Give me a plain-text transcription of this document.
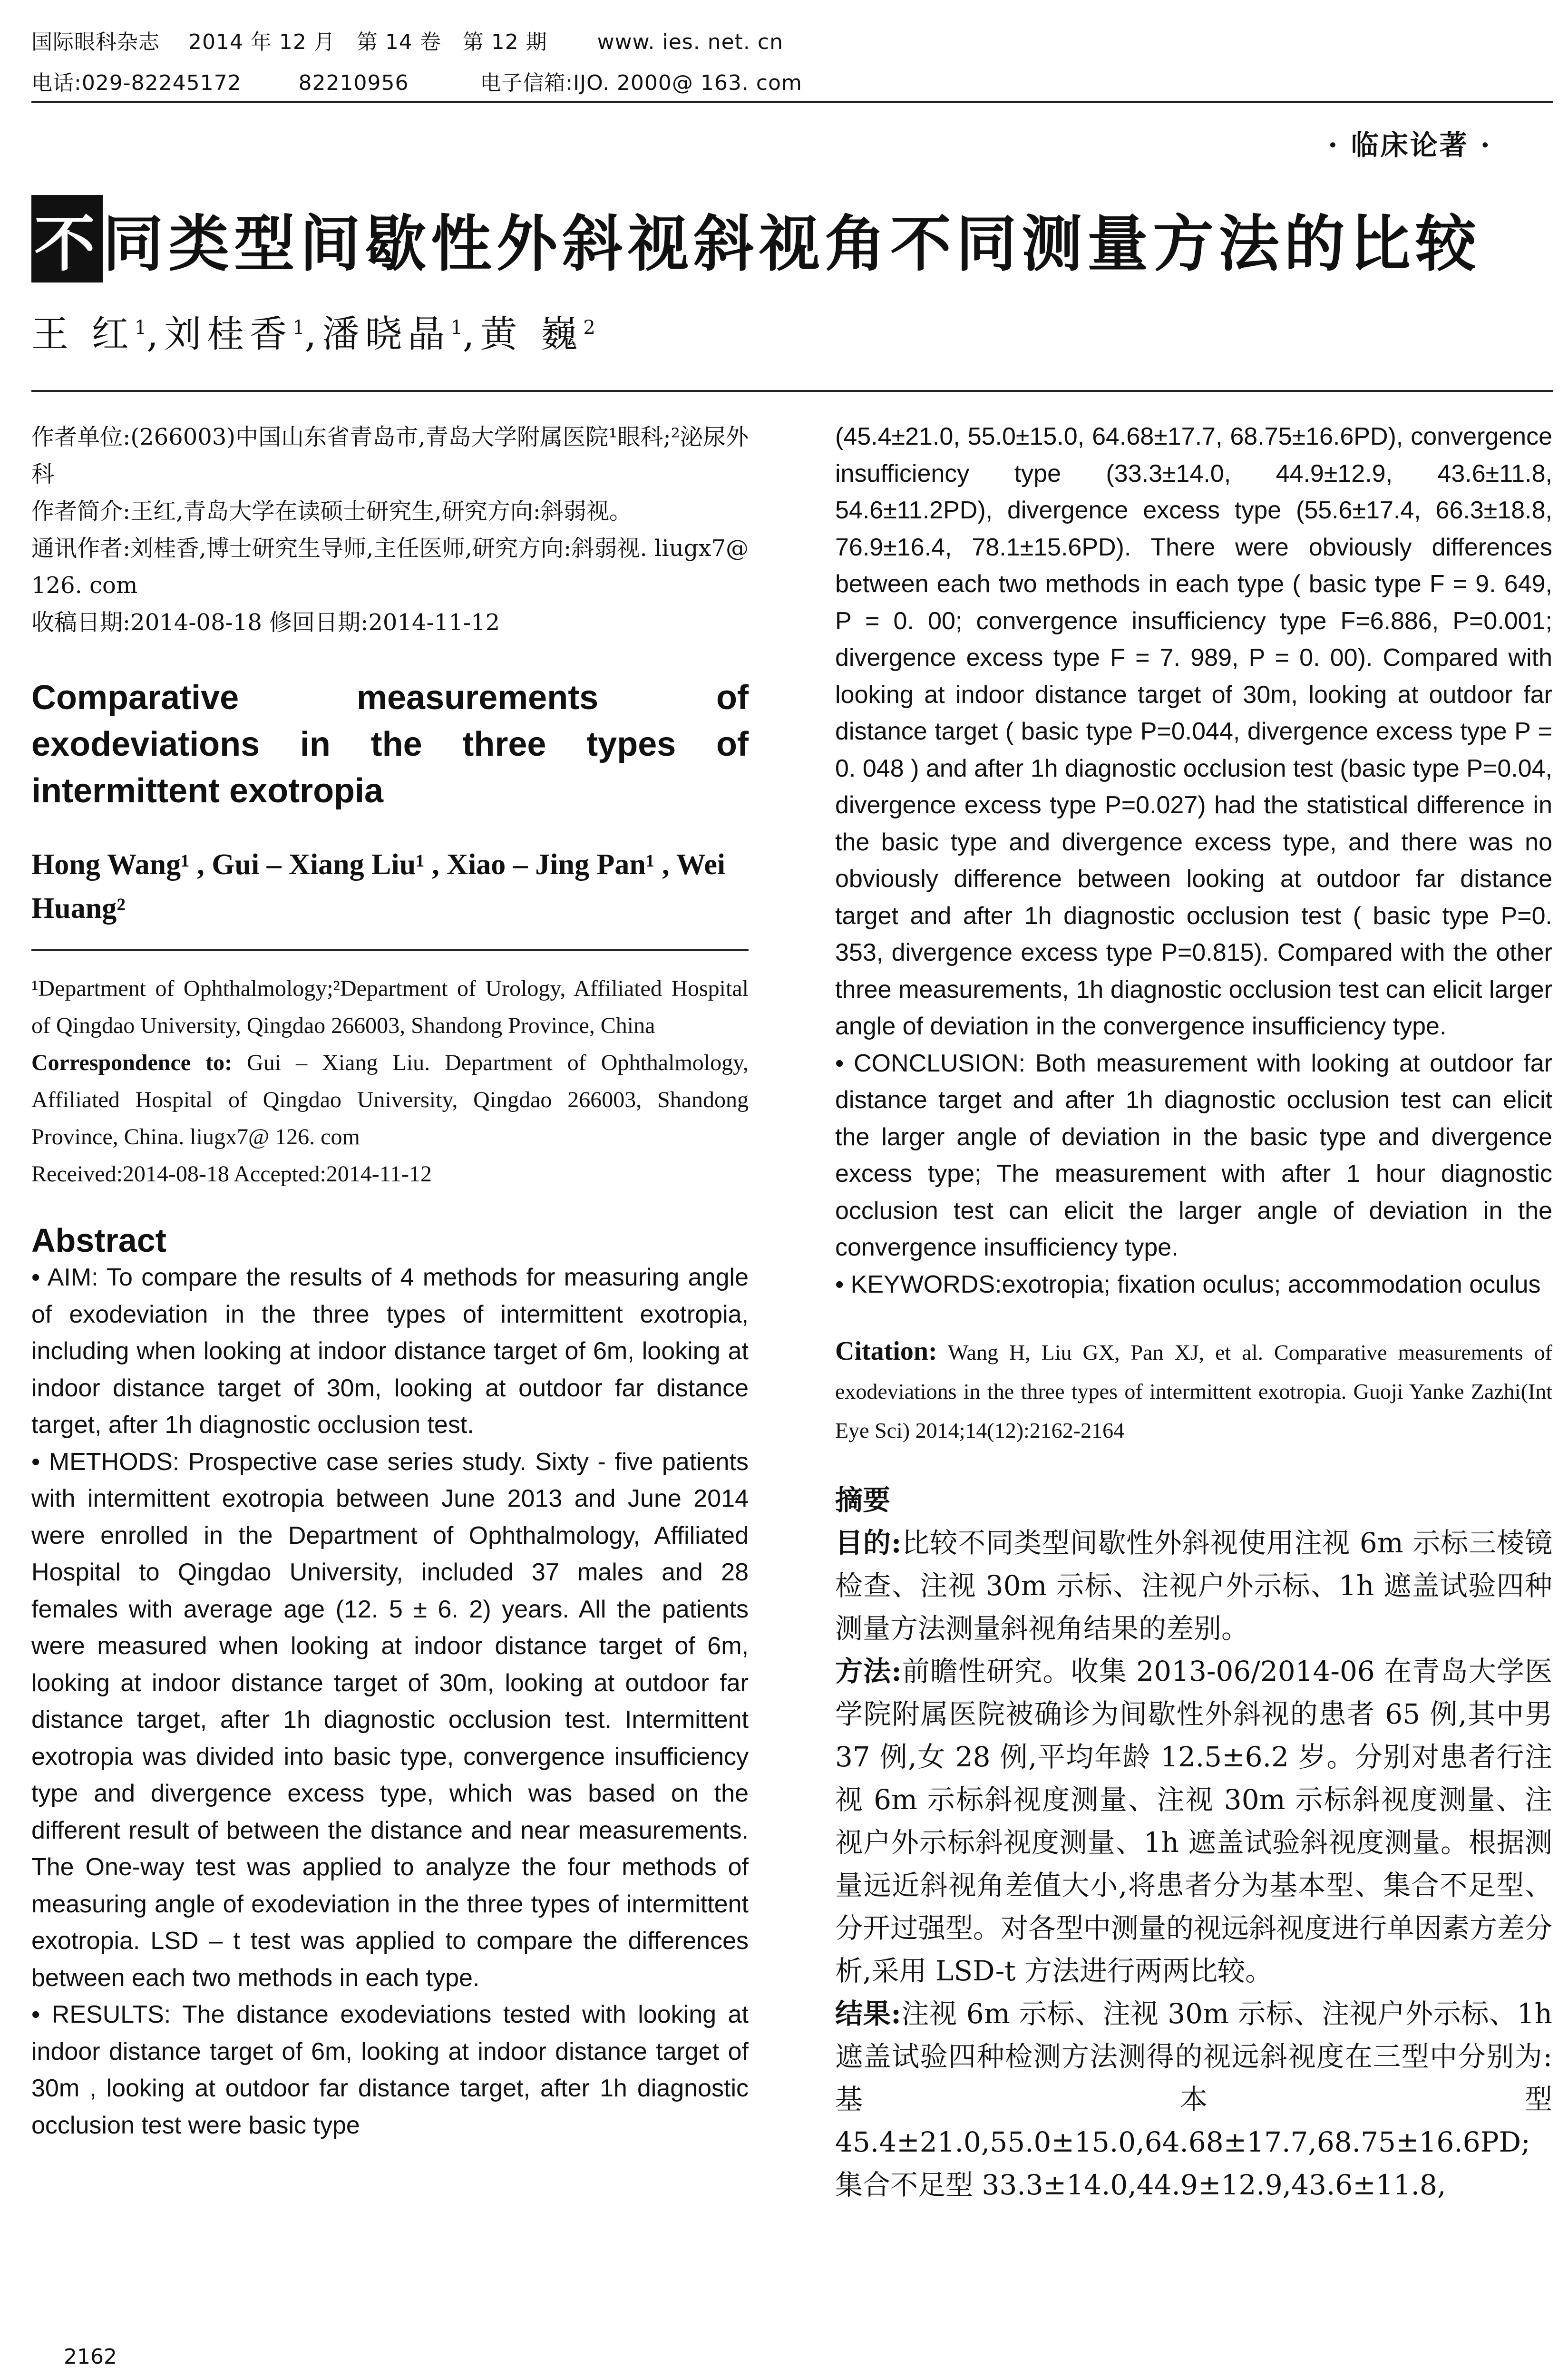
国际眼科杂志    2014 年 12 月   第 14 卷   第 12 期       www. ies. net. cn
电话:029-82245172        82210956          电子信箱:IJO. 2000@ 163. com
· 临床论著 ·
不同类型间歇性外斜视斜视角不同测量方法的比较
王 红$^1$,刘桂香$^1$,潘晓晶$^1$,黄 巍$^2$

作者单位:(266003)中国山东省青岛市,青岛大学附属医院¹眼科;²泌尿外科

作者简介:王红,青岛大学在读硕士研究生,研究方向:斜弱视。

通讯作者:刘桂香,博士研究生导师,主任医师,研究方向:斜弱视. liugx7@ 126. com

收稿日期:2014-08-18 修回日期:2014-11-12

Comparative measurements of exodeviations in the three types of intermittent exotropia

Hong Wang¹ , Gui – Xiang Liu¹ , Xiao – Jing Pan¹ , Wei Huang²

¹Department of Ophthalmology;²Department of Urology, Affiliated Hospital of Qingdao University, Qingdao 266003, Shandong Province, China

Correspondence to: Gui – Xiang Liu. Department of Ophthalmology, Affiliated Hospital of Qingdao University, Qingdao 266003, Shandong Province, China. liugx7@ 126. com

Received:2014-08-18 Accepted:2014-11-12

Abstract

• AIM: To compare the results of 4 methods for measuring angle of exodeviation in the three types of intermittent exotropia, including when looking at indoor distance target of 6m, looking at indoor distance target of 30m, looking at outdoor far distance target, after 1h diagnostic occlusion test.

• METHODS: Prospective case series study. Sixty - five patients with intermittent exotropia between June 2013 and June 2014 were enrolled in the Department of Ophthalmology, Affiliated Hospital to Qingdao University, included 37 males and 28 females with average age (12. 5 ± 6. 2) years. All the patients were measured when looking at indoor distance target of 6m, looking at indoor distance target of 30m, looking at outdoor far distance target, after 1h diagnostic occlusion test. Intermittent exotropia was divided into basic type, convergence insufficiency type and divergence excess type, which was based on the different result of between the distance and near measurements. The One-way test was applied to analyze the four methods of measuring angle of exodeviation in the three types of intermittent exotropia. LSD – t test was applied to compare the differences between each two methods in each type.

• RESULTS: The distance exodeviations tested with looking at indoor distance target of 6m, looking at indoor distance target of 30m , looking at outdoor far distance target, after 1h diagnostic occlusion test were basic type

(45.4±21.0, 55.0±15.0, 64.68±17.7, 68.75±16.6PD), convergence insufficiency type (33.3±14.0, 44.9±12.9, 43.6±11.8, 54.6±11.2PD), divergence excess type (55.6±17.4, 66.3±18.8, 76.9±16.4, 78.1±15.6PD). There were obviously differences between each two methods in each type ( basic type F = 9. 649, P = 0. 00; convergence insufficiency type F=6.886, P=0.001; divergence excess type F = 7. 989, P = 0. 00). Compared with looking at indoor distance target of 30m, looking at outdoor far distance target ( basic type P=0.044, divergence excess type P = 0. 048 ) and after 1h diagnostic occlusion test (basic type P=0.04, divergence excess type P=0.027) had the statistical difference in the basic type and divergence excess type, and there was no obviously difference between looking at outdoor far distance target and after 1h diagnostic occlusion test ( basic type P=0. 353, divergence excess type P=0.815). Compared with the other three measurements, 1h diagnostic occlusion test can elicit larger angle of deviation in the convergence insufficiency type.

• CONCLUSION: Both measurement with looking at outdoor far distance target and after 1h diagnostic occlusion test can elicit the larger angle of deviation in the basic type and divergence excess type; The measurement with after 1 hour diagnostic occlusion test can elicit the larger angle of deviation in the convergence insufficiency type.

• KEYWORDS:exotropia; fixation oculus; accommodation oculus

Citation: Wang H, Liu GX, Pan XJ, et al. Comparative measurements of exodeviations in the three types of intermittent exotropia. Guoji Yanke Zazhi(Int Eye Sci) 2014;14(12):2162-2164

摘要

目的:比较不同类型间歇性外斜视使用注视 6m 示标三棱镜检查、注视 30m 示标、注视户外示标、1h 遮盖试验四种测量方法测量斜视角结果的差别。

方法:前瞻性研究。收集 2013-06/2014-06 在青岛大学医学院附属医院被确诊为间歇性外斜视的患者 65 例,其中男 37 例,女 28 例,平均年龄 12.5±6.2 岁。分别对患者行注视 6m 示标斜视度测量、注视 30m 示标斜视度测量、注视户外示标斜视度测量、1h 遮盖试验斜视度测量。根据测量远近斜视角差值大小,将患者分为基本型、集合不足型、分开过强型。对各型中测量的视远斜视度进行单因素方差分析,采用 LSD-t 方法进行两两比较。

结果:注视 6m 示标、注视 30m 示标、注视户外示标、1h 遮盖试验四种检测方法测得的视远斜视度在三型中分别为:基本型 45.4±21.0,55.0±15.0,64.68±17.7,68.75±16.6PD;集合不足型 33.3±14.0,44.9±12.9,43.6±11.8,

2162
